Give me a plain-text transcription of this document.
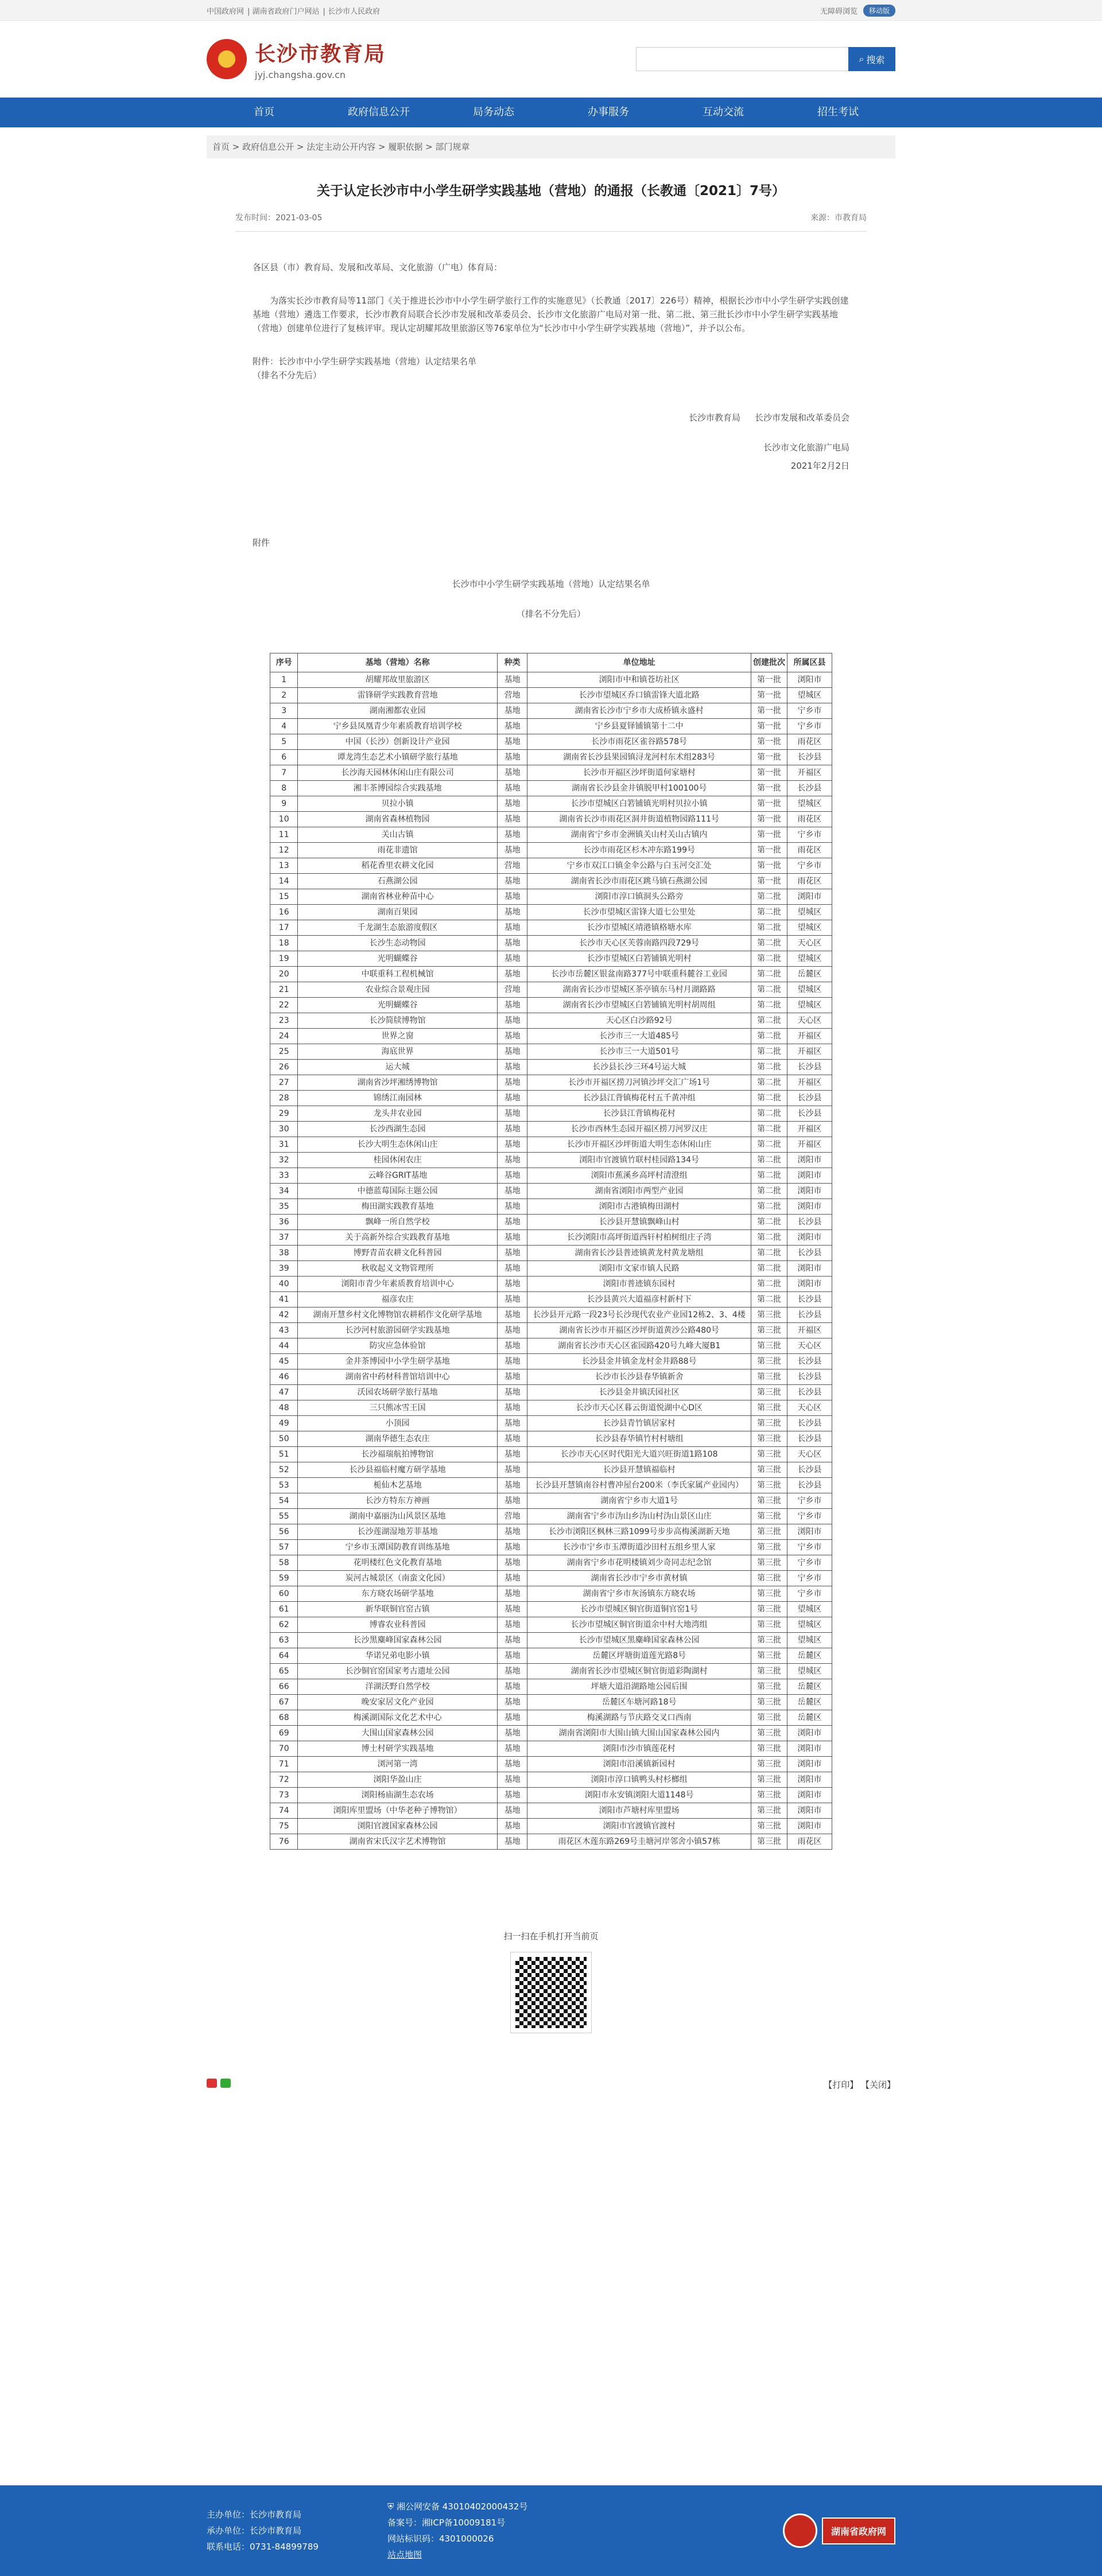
中国政府网 | 湖南省政府门户网站 | 长沙市人民政府	无障碍浏览	移动版
★	长沙市教育局
jyj.changsha.gov.cn
⌕ 搜索
首页	政府信息公开	局务动态	办事服务	互动交流	招生考试
首页 > 政府信息公开 > 法定主动公开内容 > 履职依据 > 部门规章
关于认定长沙市中小学生研学实践基地（营地）的通报（长教通〔2021〕7号）
发布时间：2021-03-05	来源：市教育局
各区县（市）教育局、发展和改革局、文化旅游（广电）体育局：
为落实长沙市教育局等11部门《关于推进长沙市中小学生研学旅行工作的实施意见》（长教通〔2017〕226号）精神，根据长沙市中小学生研学实践创建基地（营地）遴选工作要求，长沙市教育局联合长沙市发展和改革委员会、长沙市文化旅游广电局对第一批、第二批、第三批长沙市中小学生研学实践基地（营地）创建单位进行了复核评审。现认定胡耀邦故里旅游区等76家单位为“长沙市中小学生研学实践基地（营地）”，并予以公布。
附件：长沙市中小学生研学实践基地（营地）认定结果名单
（排名不分先后）
长沙市教育局	长沙市发展和改革委员会
长沙市文化旅游广电局
2021年2月2日
附件
长沙市中小学生研学实践基地（营地）认定结果名单
（排名不分先后）
序号	基地（营地）名称	种类	单位地址	创建批次	所属区县
1	胡耀邦故里旅游区	基地	浏阳市中和镇苍坊社区	第一批	浏阳市
2	雷锋研学实践教育营地	营地	长沙市望城区乔口镇雷锋大道北路	第一批	望城区
3	湖南湘都农业园	基地	湖南省长沙市宁乡市大成桥镇永盛村	第一批	宁乡市
4	宁乡县凤凰青少年素质教育培训学校	基地	宁乡县夏铎铺镇第十二中	第一批	宁乡市
5	中国（长沙）创新设计产业园	基地	长沙市雨花区雀谷路578号	第一批	雨花区
6	谭龙湾生态艺术小镇研学旅行基地	基地	湖南省长沙县果园镇浔龙河村东术组283号	第一批	长沙县
7	长沙海天园林休闲山庄有限公司	基地	长沙市开福区沙坪街道何家塘村	第一批	开福区
8	湘丰茶博园综合实践基地	基地	湖南省长沙县金井镇脱甲村100100号	第一批	长沙县
9	贝拉小镇	基地	长沙市望城区白箬铺镇光明村贝拉小镇	第一批	望城区
10	湖南省森林植物园	基地	湖南省长沙市雨花区洞井街道植物园路111号	第一批	雨花区
11	关山古镇	基地	湖南省宁乡市金洲镇关山村关山古镇内	第一批	宁乡市
12	雨花非遗馆	基地	长沙市雨花区杉木冲东路199号	第一批	雨花区
13	稻花香里农耕文化园	营地	宁乡市双江口镇金伞公路与白玉河交汇处	第一批	宁乡市
14	石燕湖公园	基地	湖南省长沙市雨花区跳马镇石燕湖公园	第一批	雨花区
15	湖南省林业种苗中心	基地	浏阳市淳口镇洞头公路旁	第二批	浏阳市
16	湖南百果园	基地	长沙市望城区雷锋大道七公里处	第二批	望城区
17	千龙湖生态旅游度假区	基地	长沙市望城区靖港镇格塘水库	第二批	望城区
18	长沙生态动物园	基地	长沙市天心区芙蓉南路四段729号	第二批	天心区
19	光明蝴蝶谷	基地	长沙市望城区白箬铺镇光明村	第二批	望城区
20	中联重科工程机械馆	基地	长沙市岳麓区银盆南路377号中联重科麓谷工业园	第二批	岳麓区
21	农业综合景观庄园	营地	湖南省长沙市望城区茶亭镇东马村月湖路路	第二批	望城区
22	光明蝴蝶谷	基地	湖南省长沙市望城区白箬铺镇光明村胡周组	第二批	望城区
23	长沙简牍博物馆	基地	天心区白沙路92号	第二批	天心区
24	世界之窗	基地	长沙市三一大道485号	第二批	开福区
25	海底世界	基地	长沙市三一大道501号	第二批	开福区
26	运大城	基地	长沙县长沙三环4号运大城	第二批	长沙县
27	湖南省沙坪湘绣博物馆	基地	长沙市开福区捞刀河镇沙坪交汇广场1号	第二批	开福区
28	锦绣江南园林	基地	长沙县江背镇梅花村五千黄冲组	第二批	长沙县
29	龙头井农业园	基地	长沙县江背镇梅花村	第二批	长沙县
30	长沙西湖生态园	基地	长沙市西林生态园开福区捞刀河罗汉庄	第二批	开福区
31	长沙大明生态休闲山庄	基地	长沙市开福区沙坪街道大明生态休闲山庄	第二批	开福区
32	桂园休闲农庄	基地	浏阳市官渡镇竹联村桂园路134号	第二批	浏阳市
33	云峰谷GRIT基地	基地	浏阳市蕉溪乡高坪村清澄组	第二批	浏阳市
34	中德蓝莓国际主题公园	基地	湖南省浏阳市两型产业园	第二批	浏阳市
35	梅田湖实践教育基地	基地	浏阳市古港镇梅田湖村	第二批	浏阳市
36	飘峰一所自然学校	基地	长沙县开慧镇飘峰山村	第二批	长沙县
37	关于高新外综合实践教育基地	基地	长沙浏阳市高坪街道西轩村柏树组庄子湾	第二批	浏阳市
38	博野青苗农耕文化科普园	基地	湖南省长沙县普迹镇黄龙村黄龙塘组	第二批	长沙县
39	秋收起义文物管理所	基地	浏阳市文家市镇人民路	第二批	浏阳市
40	浏阳市青少年素质教育培训中心	基地	浏阳市普迹镇东园村	第二批	浏阳市
41	福彦农庄	基地	长沙县黄兴大道福彦村新村下	第二批	长沙县
42	湖南开慧乡村文化博物馆农耕稻作文化研学基地	基地	长沙县开元路一段23号长沙现代农业产业园12栋2、3、4楼	第三批	长沙县
43	长沙河村旅游园研学实践基地	基地	湖南省长沙市开福区沙坪街道黄沙公路480号	第三批	开福区
44	防灾应急体验馆	基地	湖南省长沙市天心区雀园路420号九峰大厦B1	第三批	天心区
45	金井茶博园中小学生研学基地	基地	长沙县金井镇金龙村金井路88号	第三批	长沙县
46	湖南省中药材科普馆培训中心	基地	长沙市长沙县春华镇新舍	第三批	长沙县
47	沃园农场研学旅行基地	基地	长沙县金井镇沃园社区	第三批	长沙县
48	三只熊冰雪王国	基地	长沙市天心区暮云街道悦湖中心D区	第三批	天心区
49	小顶园	基地	长沙县青竹镇居家村	第三批	长沙县
50	湖南华德生态农庄	基地	长沙县春华镇竹村村塘组	第三批	长沙县
51	长沙福瑞航拍博物馆	基地	长沙市天心区时代阳光大道兴旺街道1路108	第三批	天心区
52	长沙县福临村魔方研学基地	基地	长沙县开慧镇福临村	第三批	长沙县
53	栀仙木艺基地	基地	长沙县开慧镇南谷村曹冲屋台200米（李氏家属产业园内）	第三批	长沙县
54	长沙方特东方神画	基地	湖南省宁乡市大道1号	第三批	宁乡市
55	湖南中嘉丽沩山风景区基地	营地	湖南省宁乡市沩山乡沩山村沩山景区山庄	第三批	宁乡市
56	长沙莲湖湿地芳菲基地	基地	长沙市浏阳区枫林三路1099号步步高梅溪湖新天地	第三批	浏阳市
57	宁乡市玉潭国防教育训练基地	基地	长沙市宁乡市玉潭街道沙田村五组乡里人家	第三批	宁乡市
58	花明楼红色文化教育基地	基地	湖南省宁乡市花明楼镇刘少奇同志纪念馆	第三批	宁乡市
59	炭河古城景区（南蛮文化园）	基地	湖南省长沙市宁乡市黄材镇	第三批	宁乡市
60	东方晓农场研学基地	基地	湖南省宁乡市灰汤镇东方晓农场	第三批	宁乡市
61	新华联铜官窑古镇	基地	长沙市望城区铜官街道铜官窑1号	第三批	望城区
62	博睿农业科普园	基地	长沙市望城区铜官街道余中村大地湾组	第三批	望城区
63	长沙黑麋峰国家森林公园	基地	长沙市望城区黑麋峰国家森林公园	第三批	望城区
64	华诺兄弟电影小镇	基地	岳麓区坪塘街道莲光路8号	第三批	岳麓区
65	长沙铜官窑国家考古遗址公园	基地	湖南省长沙市望城区铜官街道彩陶湖村	第三批	望城区
66	洋湖沃野自然学校	基地	坪塘大道沿湖路地公园后围	第三批	岳麓区
67	晚安家居文化产业园	基地	岳麓区车塘河路18号	第三批	岳麓区
68	梅溪湖国际文化艺术中心	基地	梅溪湖路与节庆路交叉口西南	第三批	岳麓区
69	大围山国家森林公园	基地	湖南省浏阳市大围山镇大围山国家森林公园内	第三批	浏阳市
70	博士村研学实践基地	基地	浏阳市沙市镇莲花村	第三批	浏阳市
71	浏河第一湾	基地	浏阳市沿溪镇新园村	第三批	浏阳市
72	浏阳华盈山庄	基地	浏阳市淳口镇鸭头村杉榔组	第三批	浏阳市
73	浏阳杨庙湖生态农场	基地	浏阳市永安镇浏阳大道1148号	第三批	浏阳市
74	浏阳库里盟场（中华老种子博物馆）	基地	浏阳市芦塘村库里盟场	第三批	浏阳市
75	浏阳官渡国家森林公园	基地	浏阳市官渡镇官渡村	第三批	浏阳市
76	湖南省宋氏汉字艺术博物馆	基地	雨花区木莲东路269号圭塘河岸邻舍小镇57栋	第三批	雨花区
扫一扫在手机打开当前页
【打印】 【关闭】
主办单位：长沙市教育局
承办单位：长沙市教育局
联系电话：0731-84899789
⛨ 湘公网安备 43010402000432号
备案号：湘ICP备10009181号
网站标识码：4301000026
站点地图
湖南省政府网
